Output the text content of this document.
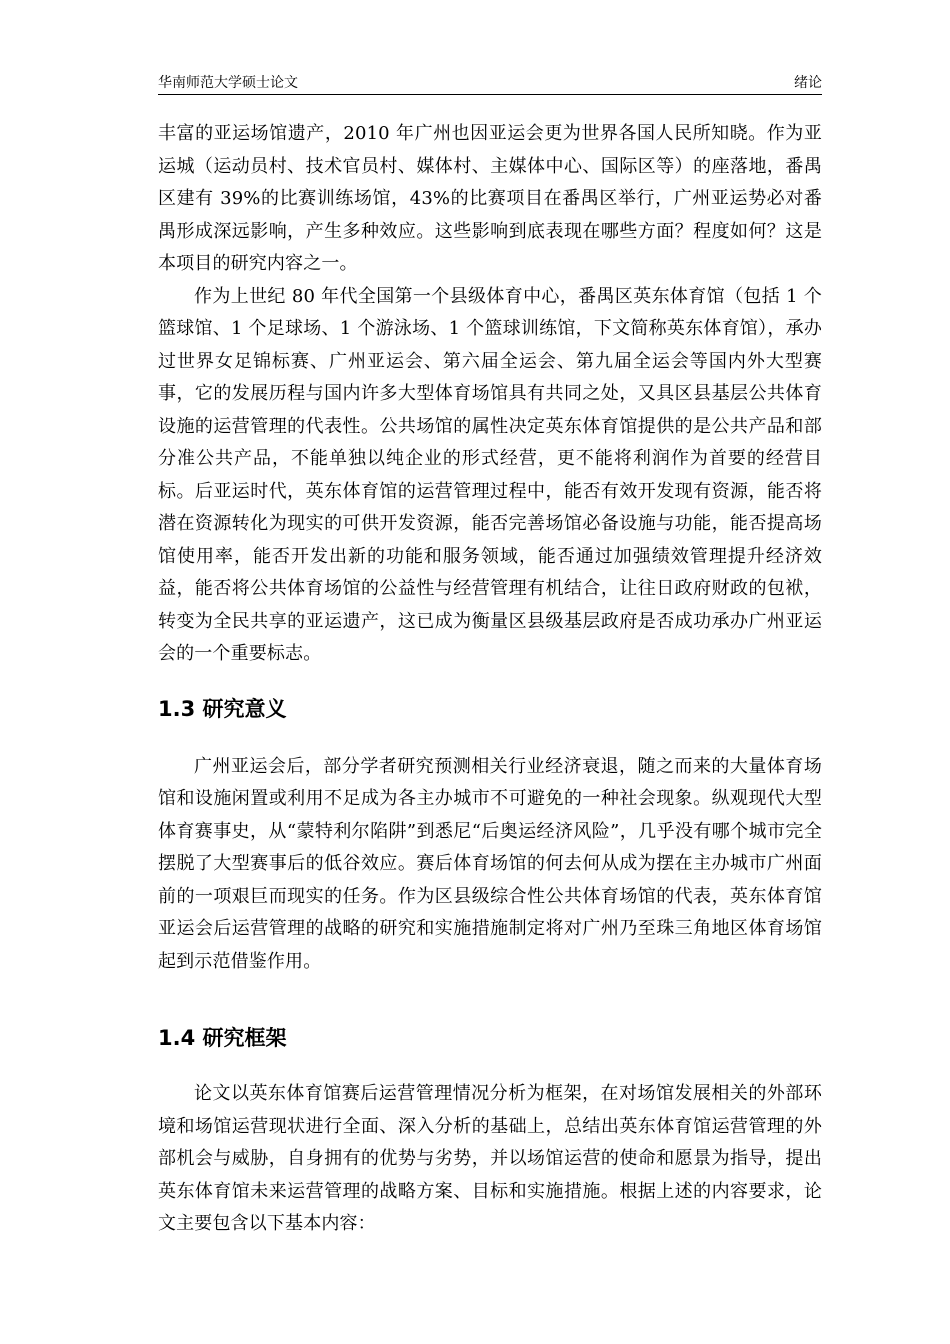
华南师范大学硕士论文	绪论

丰富的亚运场馆遗产，2010 年广州也因亚运会更为世界各国人民所知晓。作为亚运城（运动员村、技术官员村、媒体村、主媒体中心、国际区等）的座落地，番禺区建有 39%的比赛训练场馆，43%的比赛项目在番禺区举行，广州亚运势必对番禺形成深远影响，产生多种效应。这些影响到底表现在哪些方面？程度如何？这是本项目的研究内容之一。

作为上世纪 80 年代全国第一个县级体育中心，番禺区英东体育馆（包括 1 个篮球馆、1 个足球场、1 个游泳场、1 个篮球训练馆，下文简称英东体育馆），承办过世界女足锦标赛、广州亚运会、第六届全运会、第九届全运会等国内外大型赛事，它的发展历程与国内许多大型体育场馆具有共同之处，又具区县基层公共体育设施的运营管理的代表性。公共场馆的属性决定英东体育馆提供的是公共产品和部分准公共产品，不能单独以纯企业的形式经营，更不能将利润作为首要的经营目标。后亚运时代，英东体育馆的运营管理过程中，能否有效开发现有资源，能否将潜在资源转化为现实的可供开发资源，能否完善场馆必备设施与功能，能否提高场馆使用率，能否开发出新的功能和服务领域，能否通过加强绩效管理提升经济效益，能否将公共体育场馆的公益性与经营管理有机结合，让往日政府财政的包袱，转变为全民共享的亚运遗产，这已成为衡量区县级基层政府是否成功承办广州亚运会的一个重要标志。

1.3 研究意义

广州亚运会后，部分学者研究预测相关行业经济衰退，随之而来的大量体育场馆和设施闲置或利用不足成为各主办城市不可避免的一种社会现象。纵观现代大型体育赛事史，从“蒙特利尔陷阱”到悉尼“后奥运经济风险”，几乎没有哪个城市完全摆脱了大型赛事后的低谷效应。赛后体育场馆的何去何从成为摆在主办城市广州面前的一项艰巨而现实的任务。作为区县级综合性公共体育场馆的代表，英东体育馆亚运会后运营管理的战略的研究和实施措施制定将对广州乃至珠三角地区体育场馆起到示范借鉴作用。

1.4 研究框架

论文以英东体育馆赛后运营管理情况分析为框架，在对场馆发展相关的外部环境和场馆运营现状进行全面、深入分析的基础上，总结出英东体育馆运营管理的外部机会与威胁，自身拥有的优势与劣势，并以场馆运营的使命和愿景为指导，提出英东体育馆未来运营管理的战略方案、目标和实施措施。根据上述的内容要求，论文主要包含以下基本内容：
